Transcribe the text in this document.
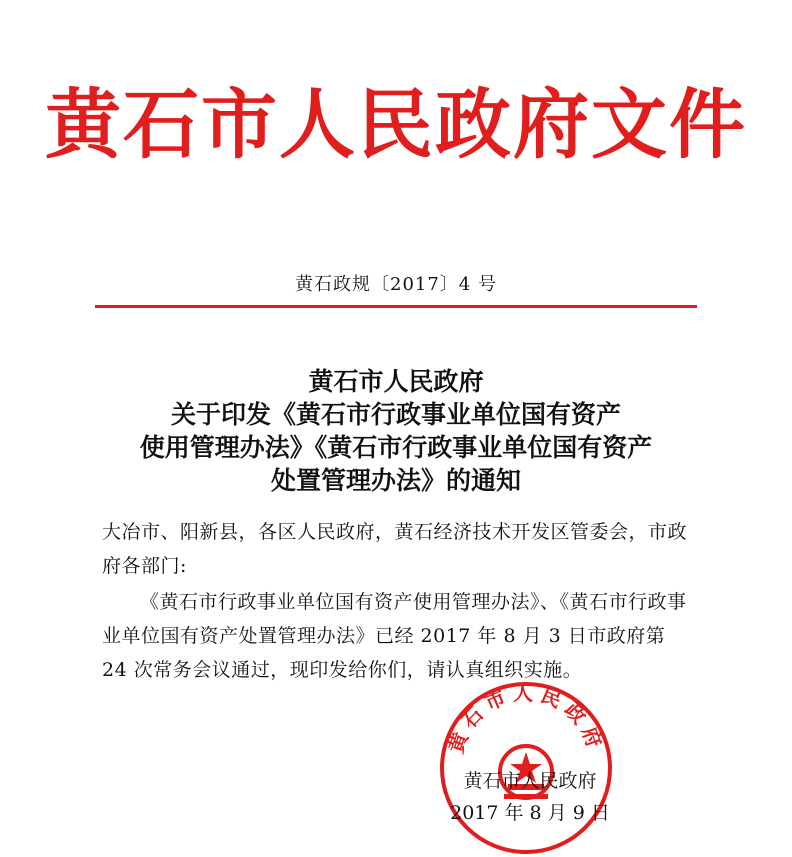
黄石市人民政府文件
黄石政规〔2017〕4 号
黄石市人民政府
关于印发《黄石市行政事业单位国有资产
使用管理办法》《黄石市行政事业单位国有资产
处置管理办法》的通知
大冶市、阳新县，各区人民政府，黄石经济技术开发区管委会，市政府各部门:
《黄石市行政事业单位国有资产使用管理办法》、《黄石市行政事业单位国有资产处置管理办法》已经 2017 年 8 月 3 日市政府第 24 次常务会议通过，现印发给你们，请认真组织实施。
黄石市人民政府
黄石市人民政府
2017 年 8 月 9 日
